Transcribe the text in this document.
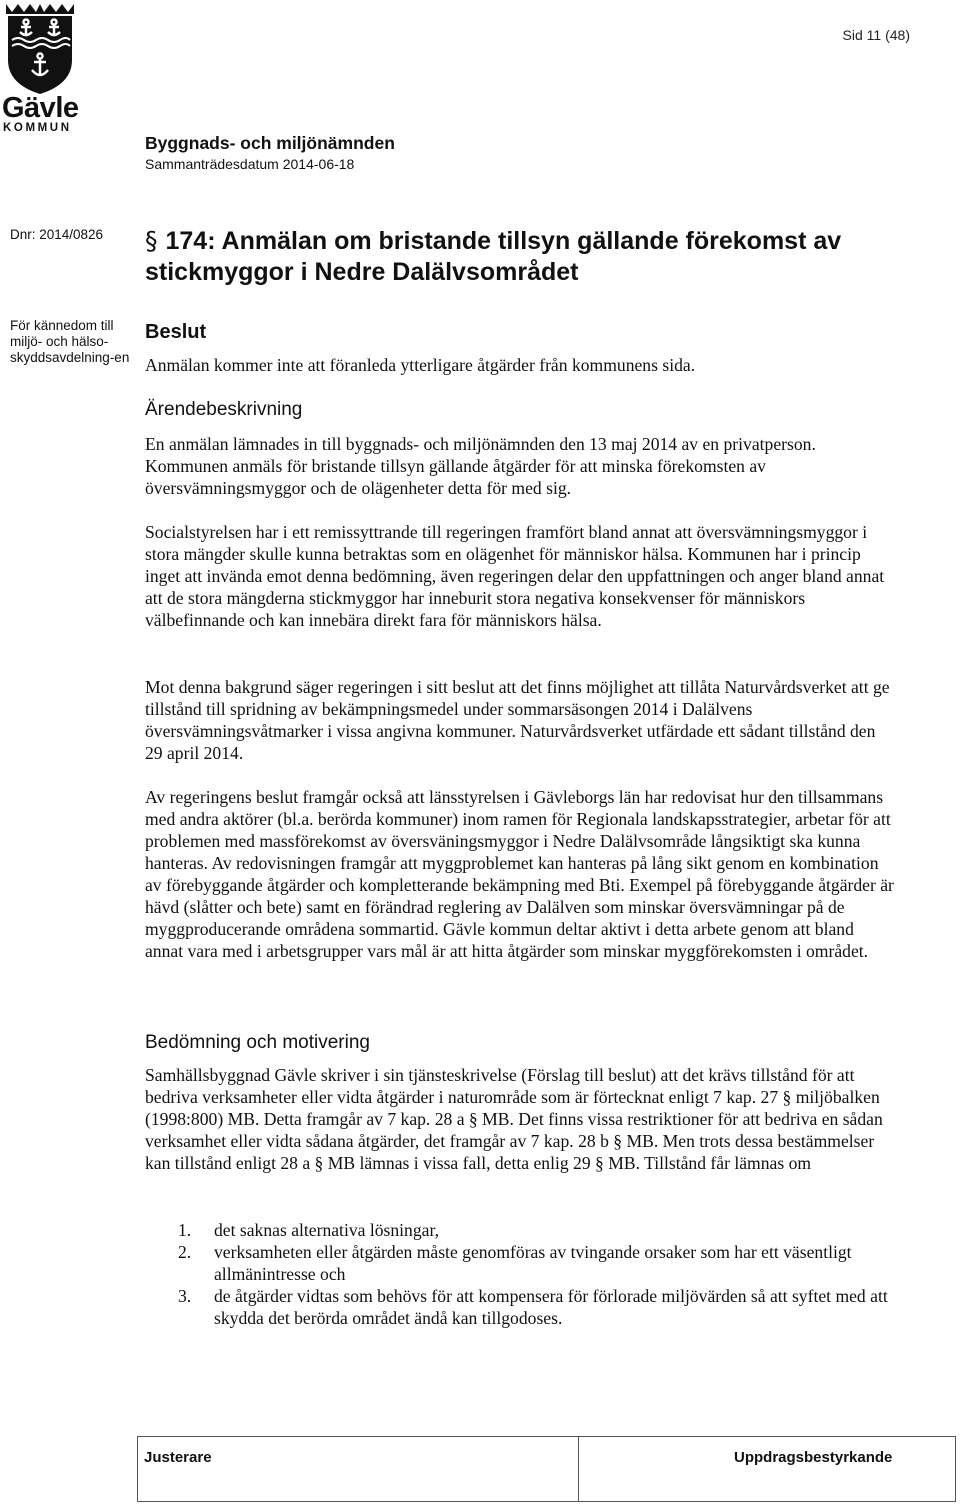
Gävle
KOMMUN
Sid 11 (48)
Byggnads- och miljönämnden
Sammanträdesdatum 2014-06-18
Dnr: 2014/0826
För kännedom till miljö- och hälso-skyddsavdelning-en
§ 174: Anmälan om bristande tillsyn gällande förekomst av stickmyggor i Nedre Dalälvsområdet
Beslut
Anmälan kommer inte att föranleda ytterligare åtgärder från kommunens sida.
Ärendebeskrivning
En anmälan lämnades in till byggnads- och miljönämnden den 13 maj 2014 av en privatperson. Kommunen anmäls för bristande tillsyn gällande åtgärder för att minska förekomsten av översvämningsmyggor och de olägenheter detta för med sig.
Socialstyrelsen har i ett remissyttrande till regeringen framfört bland annat att översvämningsmyggor i stora mängder skulle kunna betraktas som en olägenhet för människor hälsa. Kommunen har i princip inget att invända emot denna bedömning, även regeringen delar den uppfattningen och anger bland annat att de stora mängderna stickmyggor har inneburit stora negativa konsekvenser för människors välbefinnande och kan innebära direkt fara för människors hälsa.
Mot denna bakgrund säger regeringen i sitt beslut att det finns möjlighet att tillåta Naturvårdsverket att ge tillstånd till spridning av bekämpningsmedel under sommarsäsongen 2014 i Dalälvens översvämningsvåtmarker i vissa angivna kommuner. Naturvårdsverket utfärdade ett sådant tillstånd den 29 april 2014.
Av regeringens beslut framgår också att länsstyrelsen i Gävleborgs län har redovisat hur den tillsammans med andra aktörer (bl.a. berörda kommuner) inom ramen för Regionala landskapsstrategier, arbetar för att problemen med massförekomst av översväningsmyggor i Nedre Dalälvsområde långsiktigt ska kunna hanteras. Av redovisningen framgår att myggproblemet kan hanteras på lång sikt genom en kombination av förebyggande åtgärder och kompletterande bekämpning med Bti. Exempel på förebyggande åtgärder är hävd (slåtter och bete) samt en förändrad reglering av Dalälven som minskar översvämningar på de myggproducerande områdena sommartid. Gävle kommun deltar aktivt i detta arbete genom att bland annat vara med i arbetsgrupper vars mål är att hitta åtgärder som minskar myggförekomsten i området.
Bedömning och motivering
Samhällsbyggnad Gävle skriver i sin tjänsteskrivelse (Förslag till beslut) att det krävs tillstånd för att bedriva verksamheter eller vidta åtgärder i naturområde som är förtecknat enligt 7 kap. 27 § miljöbalken (1998:800) MB. Detta framgår av 7 kap. 28 a § MB. Det finns vissa restriktioner för att bedriva en sådan verksamhet eller vidta sådana åtgärder, det framgår av 7 kap. 28 b § MB. Men trots dessa bestämmelser kan tillstånd enligt 28 a § MB lämnas i vissa fall, detta enlig 29 § MB. Tillstånd får lämnas om
1. det saknas alternativa lösningar,
2. verksamheten eller åtgärden måste genomföras av tvingande orsaker som har ett väsentligt allmänintresse och
3. de åtgärder vidtas som behövs för att kompensera för förlorade miljövärden så att syftet med att skydda det berörda området ändå kan tillgodoses.
Justerare	Uppdragsbestyrkande
